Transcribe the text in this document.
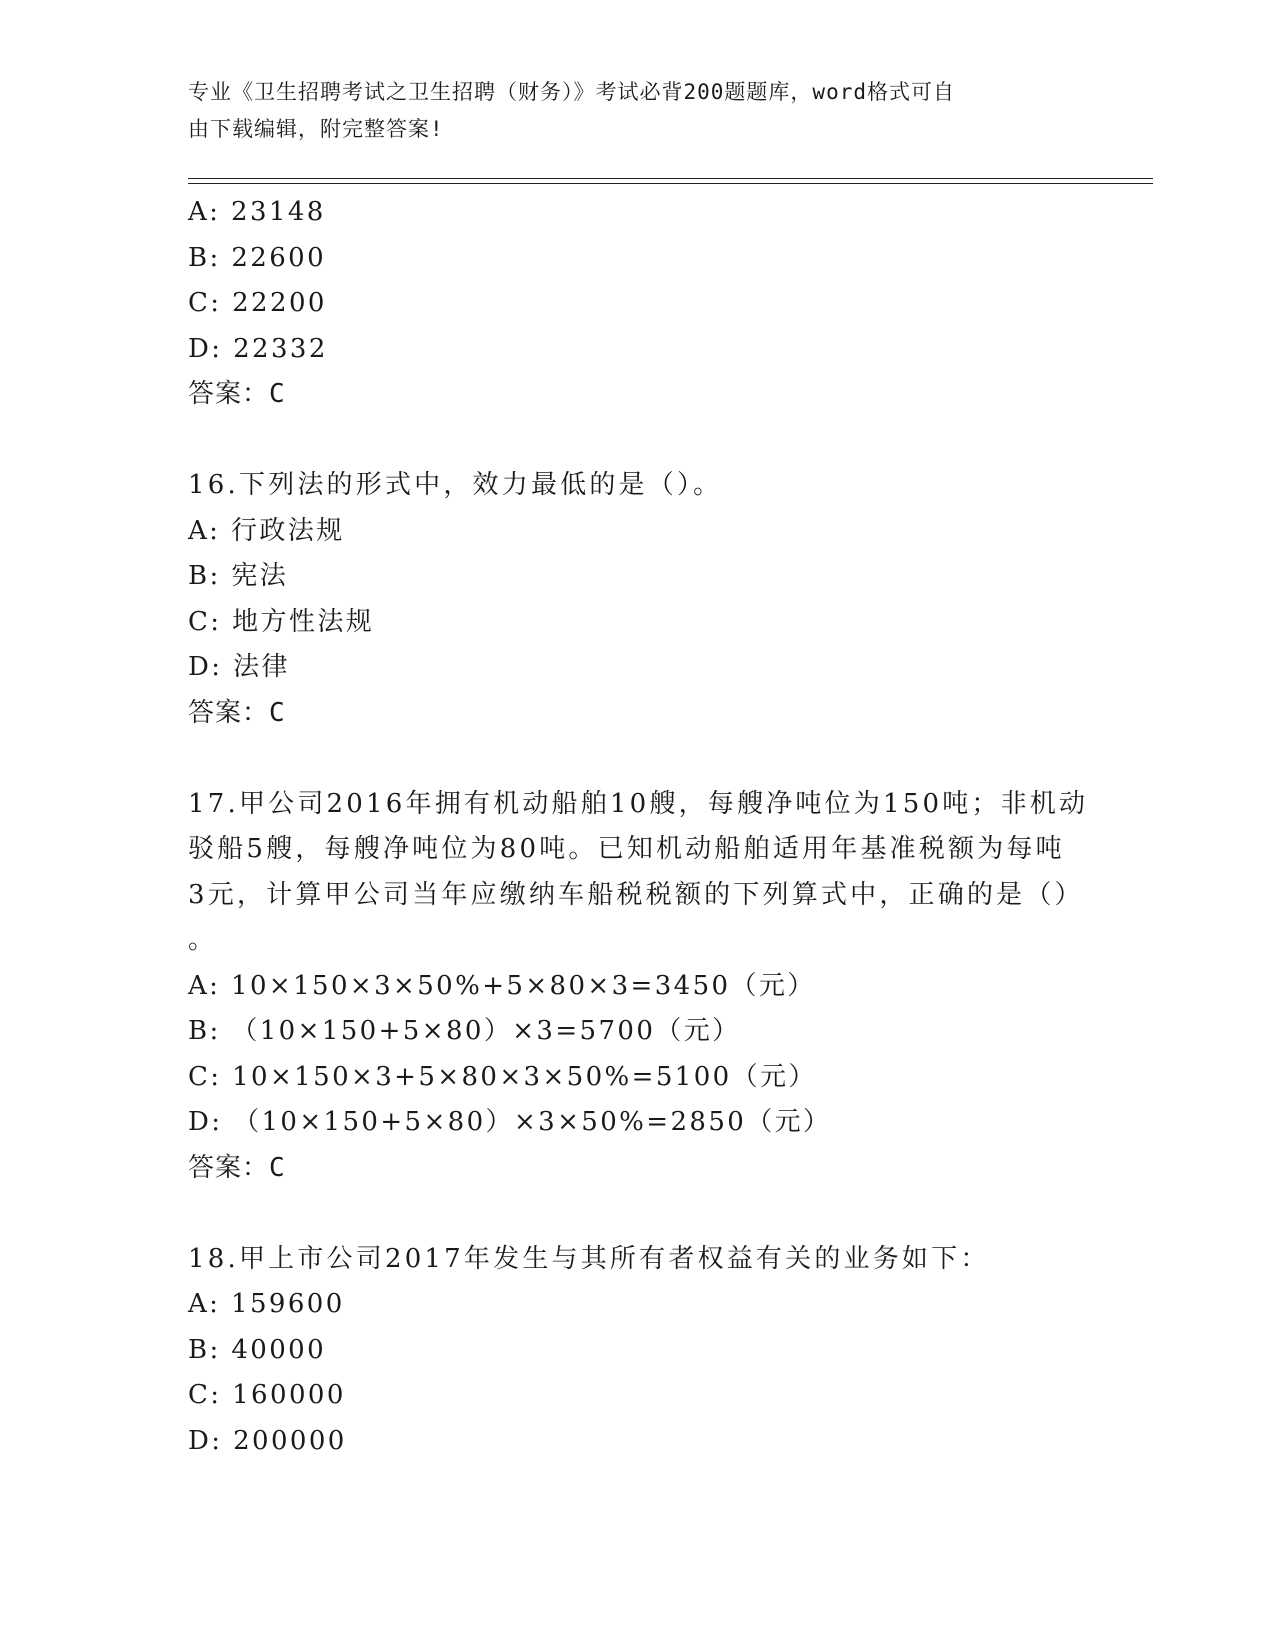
专业《卫生招聘考试之卫生招聘（财务）》考试必背200题题库，word格式可自
由下载编辑，附完整答案!
A: 23148
B: 22600
C: 22200
D: 22332
答案：C
16.下列法的形式中，效力最低的是（）。
A: 行政法规
B: 宪法
C: 地方性法规
D: 法律
答案：C
17.甲公司2016年拥有机动船舶10艘，每艘净吨位为150吨；非机动
驳船5艘，每艘净吨位为80吨。已知机动船舶适用年基准税额为每吨
3元，计算甲公司当年应缴纳车船税税额的下列算式中，正确的是（）
。
A: 10×150×3×50%+5×80×3=3450（元）
B: （10×150+5×80）×3=5700（元）
C: 10×150×3+5×80×3×50%=5100（元）
D: （10×150+5×80）×3×50%=2850（元）
答案：C
18.甲上市公司2017年发生与其所有者权益有关的业务如下：
A: 159600
B: 40000
C: 160000
D: 200000
